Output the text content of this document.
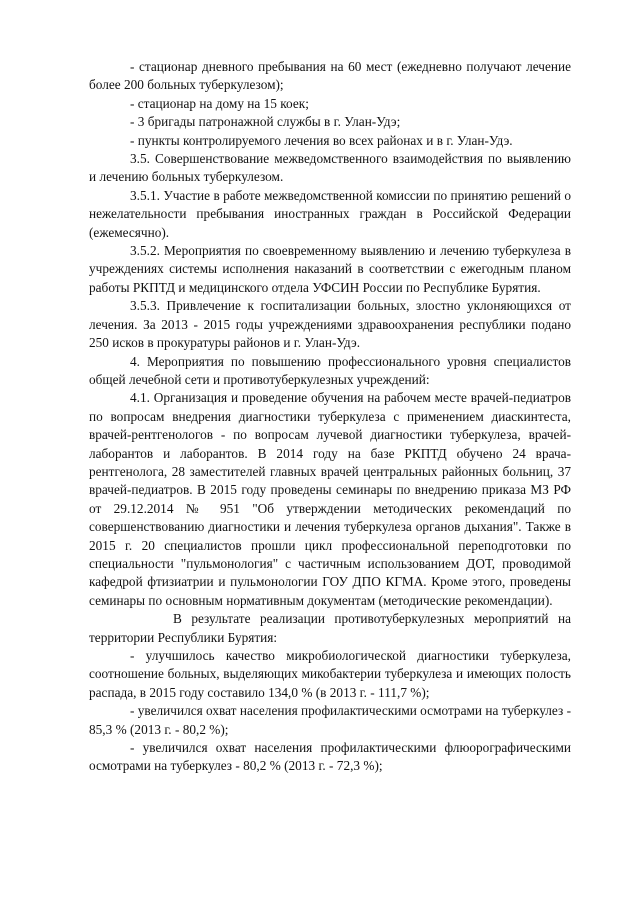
- стационар дневного пребывания на 60 мест (ежедневно получают лечение более 200 больных туберкулезом);

- стационар на дому на 15 коек;

- 3 бригады патронажной службы в г. Улан-Удэ;

- пункты контролируемого лечения во всех районах и в г. Улан-Удэ.

3.5. Совершенствование межведомственного взаимодействия по выявлению и лечению больных туберкулезом.

3.5.1. Участие в работе межведомственной комиссии по принятию решений о нежелательности пребывания иностранных граждан в Российской Федерации (ежемесячно).

3.5.2. Мероприятия по своевременному выявлению и лечению туберкулеза в учреждениях системы исполнения наказаний в соответствии с ежегодным планом работы РКПТД и медицинского отдела УФСИН России по Республике Бурятия.

3.5.3. Привлечение к госпитализации больных, злостно уклоняющихся от лечения. За 2013 - 2015 годы учреждениями здравоохранения республики подано 250 исков в прокуратуры районов и г. Улан-Удэ.

4. Мероприятия по повышению профессионального уровня специалистов общей лечебной сети и противотуберкулезных учреждений:

4.1. Организация и проведение обучения на рабочем месте врачей-педиатров по вопросам внедрения диагностики туберкулеза с применением диаскинтеста, врачей-рентгенологов - по вопросам лучевой диагностики туберкулеза, врачей-лаборантов и лаборантов. В 2014 году на базе РКПТД обучено 24 врача-рентгенолога, 28 заместителей главных врачей центральных районных больниц, 37 врачей-педиатров. В 2015 году проведены семинары по внедрению приказа МЗ РФ от 29.12.2014 № 951 "Об утверждении методических рекомендаций по совершенствованию диагностики и лечения туберкулеза органов дыхания". Также в 2015 г. 20 специалистов прошли цикл профессиональной переподготовки по специальности "пульмонология" с частичным использованием ДОТ, проводимой кафедрой фтизиатрии и пульмонологии ГОУ ДПО КГМА. Кроме этого, проведены семинары по основным нормативным документам (методические рекомендации).

В результате реализации противотуберкулезных мероприятий на территории Республики Бурятия:

- улучшилось качество микробиологической диагностики туберкулеза, соотношение больных, выделяющих микобактерии туберкулеза и имеющих полость распада, в 2015 году составило 134,0 % (в 2013 г. - 111,7 %);

- увеличился охват населения профилактическими осмотрами на туберкулез - 85,3 % (2013 г. - 80,2 %);

- увеличился охват населения профилактическими флюорографическими осмотрами на туберкулез - 80,2 % (2013 г. - 72,3 %);
